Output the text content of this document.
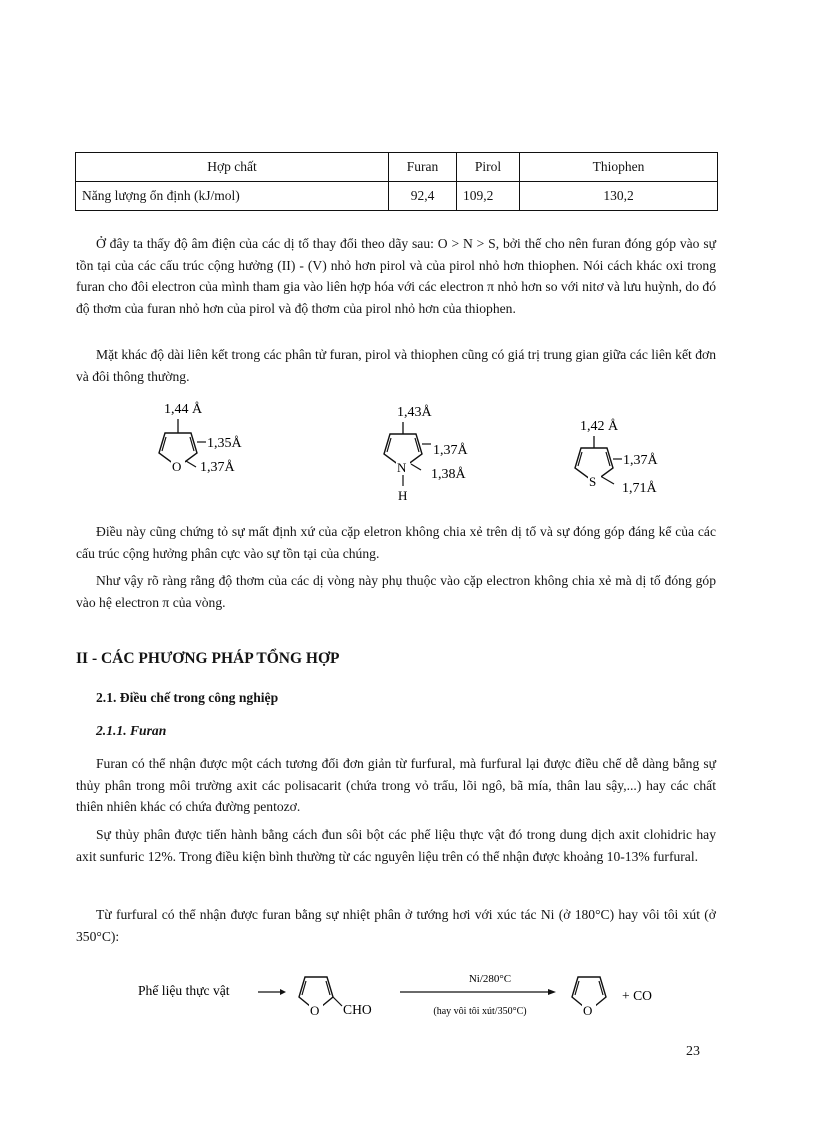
Hợp chất	Furan	Pirol	Thiophen
Năng lượng ổn định (kJ/mol)	92,4	109,2	130,2

Ở đây ta thấy độ âm điện của các dị tố thay đổi theo dãy sau: O > N > S, bởi thế cho nên furan đóng góp vào sự tồn tại của các cấu trúc cộng hưởng (II) - (V) nhỏ hơn pirol và của pirol nhỏ hơn thiophen. Nói cách khác oxi trong furan cho đôi electron của mình tham gia vào liên hợp hóa với các electron π nhỏ hơn so với nitơ và lưu huỳnh, do đó độ thơm của furan nhỏ hơn của pirol và độ thơm của pirol nhỏ hơn của thiophen.

Mặt khác độ dài liên kết trong các phân tử furan, pirol và thiophen cũng có giá trị trung gian giữa các liên kết đơn và đôi thông thường.

1,44 Å
O
1,35Å
1,37Å
1,43Å
N
H
1,37Å
1,38Å
1,42 Å
S
1,37Å
1,71Å

Điều này cũng chứng tỏ sự mất định xứ của cặp eletron không chia xẻ trên dị tố và sự đóng góp đáng kể của các cấu trúc cộng hưởng phân cực vào sự tồn tại của chúng.

Như vậy rõ ràng rằng độ thơm của các dị vòng này phụ thuộc vào cặp electron không chia xẻ mà dị tố đóng góp vào hệ electron π của vòng.

II - CÁC PHƯƠNG PHÁP TỔNG HỢP
2.1. Điều chế trong công nghiệp
2.1.1. Furan

Furan có thể nhận được một cách tương đối đơn giản từ furfural, mà furfural lại được điều chế dễ dàng bằng sự thủy phân trong môi trường axit các polisacarit (chứa trong vỏ trấu, lõi ngô, bã mía, thân lau sậy,...) hay các chất thiên nhiên khác có chứa đường pentozơ.

Sự thủy phân được tiến hành bằng cách đun sôi bột các phế liệu thực vật đó trong dung dịch axit clohidric hay axit sunfuric 12%. Trong điều kiện bình thường từ các nguyên liệu trên có thể nhận được khoảng 10-13% furfural.

Từ furfural có thể nhận được furan bằng sự nhiệt phân ở tướng hơi với xúc tác Ni (ở 180°C) hay vôi tôi xút (ở 350°C):

Phế liệu thực vật
O CHO
Ni/280°C
(hay vôi tôi xút/350°C)	O
+ CO
23
